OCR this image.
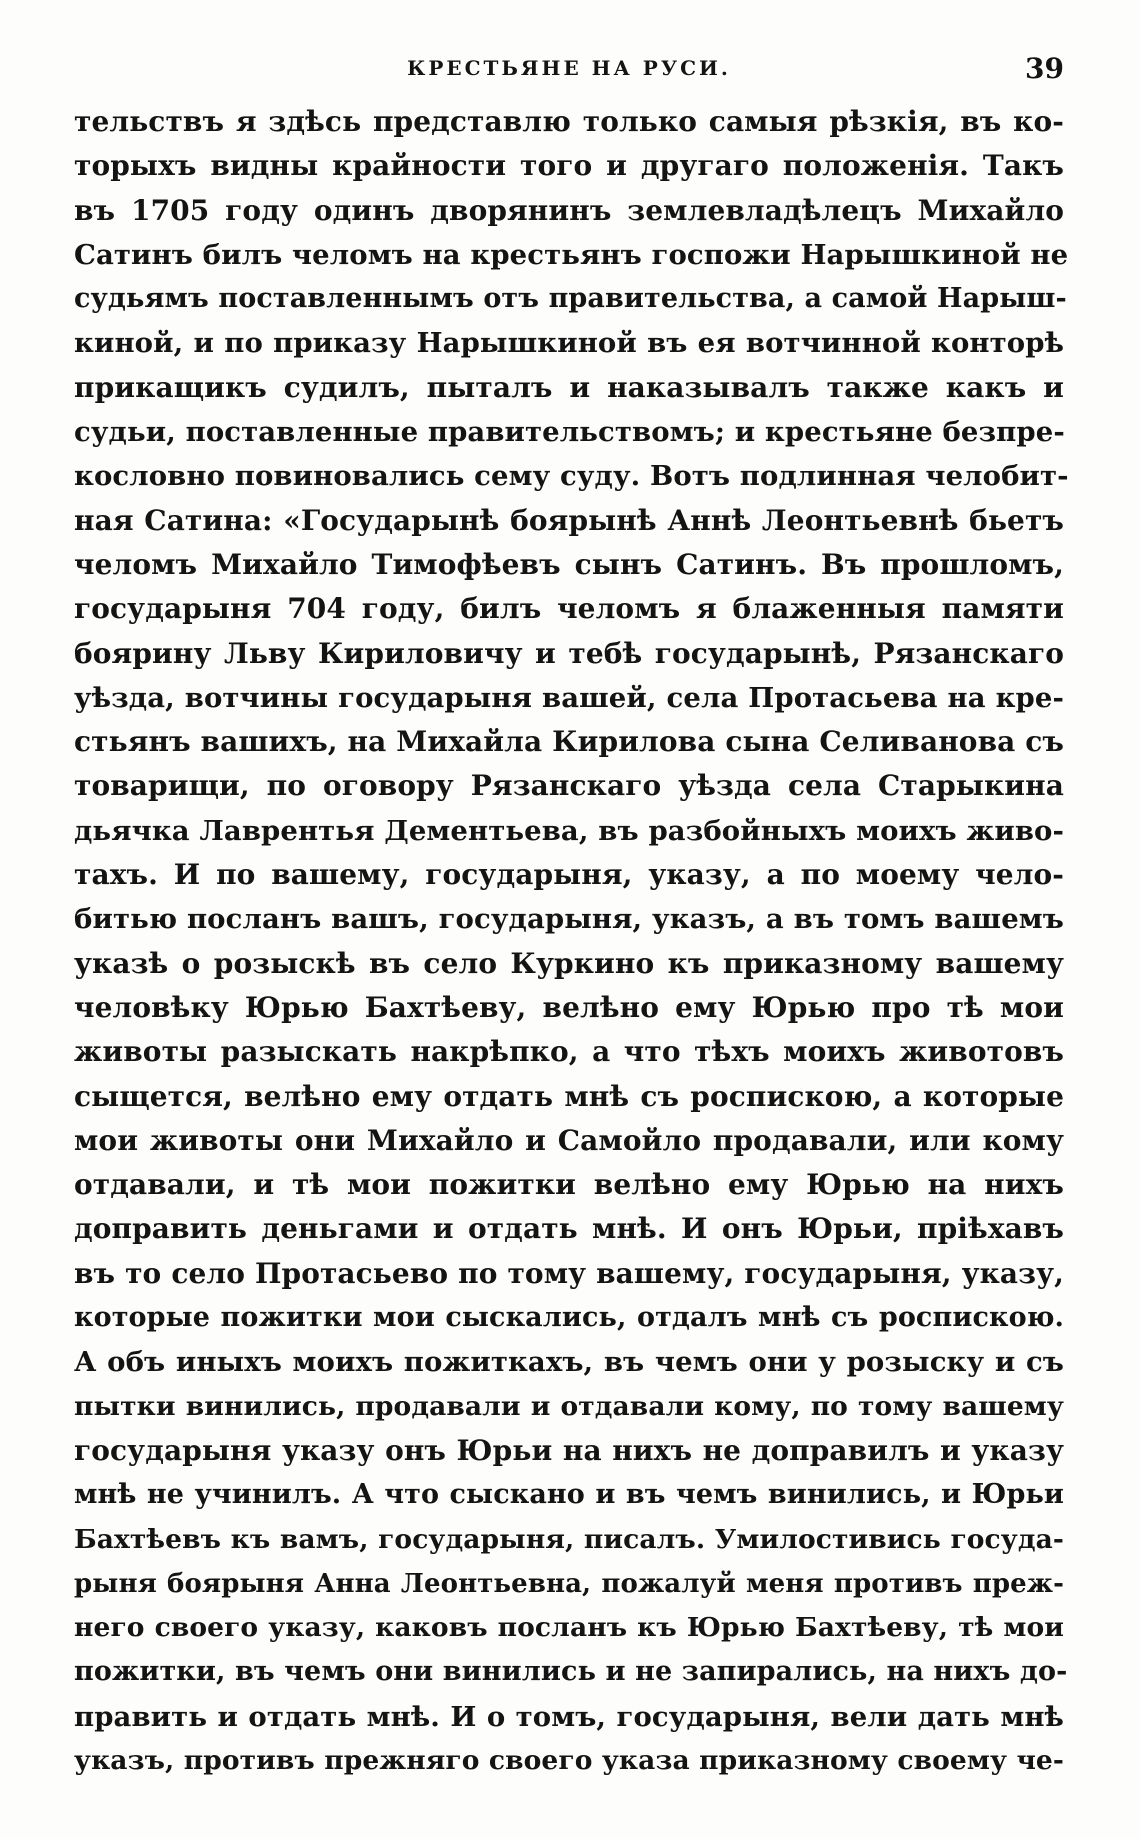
КРЕСТЬЯНЕ НА РУСИ.	39
тельствъ я здѣсь представлю только самыя рѣзкія, въ ко-
торыхъ видны крайности того и другаго положенія. Такъ
въ 1705 году одинъ дворянинъ землевладѣлецъ Михайло
Сатинъ билъ челомъ на крестьянъ госпожи Нарышкиной не
судьямъ поставленнымъ отъ правительства, а самой Нарыш-
киной, и по приказу Нарышкиной въ ея вотчинной конторѣ
прикащикъ судилъ, пыталъ и наказывалъ также какъ и
судьи, поставленные правительствомъ; и крестьяне безпре-
кословно повиновались сему суду. Вотъ подлинная челобит-
ная Сатина: «Государынѣ боярынѣ Аннѣ Леонтьевнѣ бьетъ
челомъ Михайло Тимофѣевъ сынъ Сатинъ. Въ прошломъ,
государыня 704 году, билъ челомъ я блаженныя памяти
боярину Льву Кириловичу и тебѣ государынѣ, Рязанскаго
уѣзда, вотчины государыня вашей, села Протасьева на кре-
стьянъ вашихъ, на Михайла Кирилова сына Селиванова съ
товарищи, по оговору Рязанскаго уѣзда села Старыкина
дьячка Лаврентья Дементьева, въ разбойныхъ моихъ живо-
тахъ. И по вашему, государыня, указу, а по моему чело-
битью посланъ вашъ, государыня, указъ, а въ томъ вашемъ
указѣ о розыскѣ въ село Куркино къ приказному вашему
человѣку Юрью Бахтѣеву, велѣно ему Юрью про тѣ мои
животы разыскать накрѣпко, а что тѣхъ моихъ животовъ
сыщется, велѣно ему отдать мнѣ съ роспискою, а которые
мои животы они Михайло и Самойло продавали, или кому
отдавали, и тѣ мои пожитки велѣно ему Юрью на нихъ
доправить деньгами и отдать мнѣ. И онъ Юрьи, пріѣхавъ
въ то село Протасьево по тому вашему, государыня, указу,
которые пожитки мои сыскались, отдалъ мнѣ съ роспискою.
А объ иныхъ моихъ пожиткахъ, въ чемъ они у розыску и съ
пытки винились, продавали и отдавали кому, по тому вашему
государыня указу онъ Юрьи на нихъ не доправилъ и указу
мнѣ не учинилъ. А что сыскано и въ чемъ винились, и Юрьи
Бахтѣевъ къ вамъ, государыня, писалъ. Умилостивись госуда-
рыня боярыня Анна Леонтьевна, пожалуй меня противъ преж-
него своего указу, каковъ посланъ къ Юрью Бахтѣеву, тѣ мои
пожитки, въ чемъ они винились и не запирались, на нихъ до-
править и отдать мнѣ. И о томъ, государыня, вели дать мнѣ
указъ, противъ прежняго своего указа приказному своему че-
